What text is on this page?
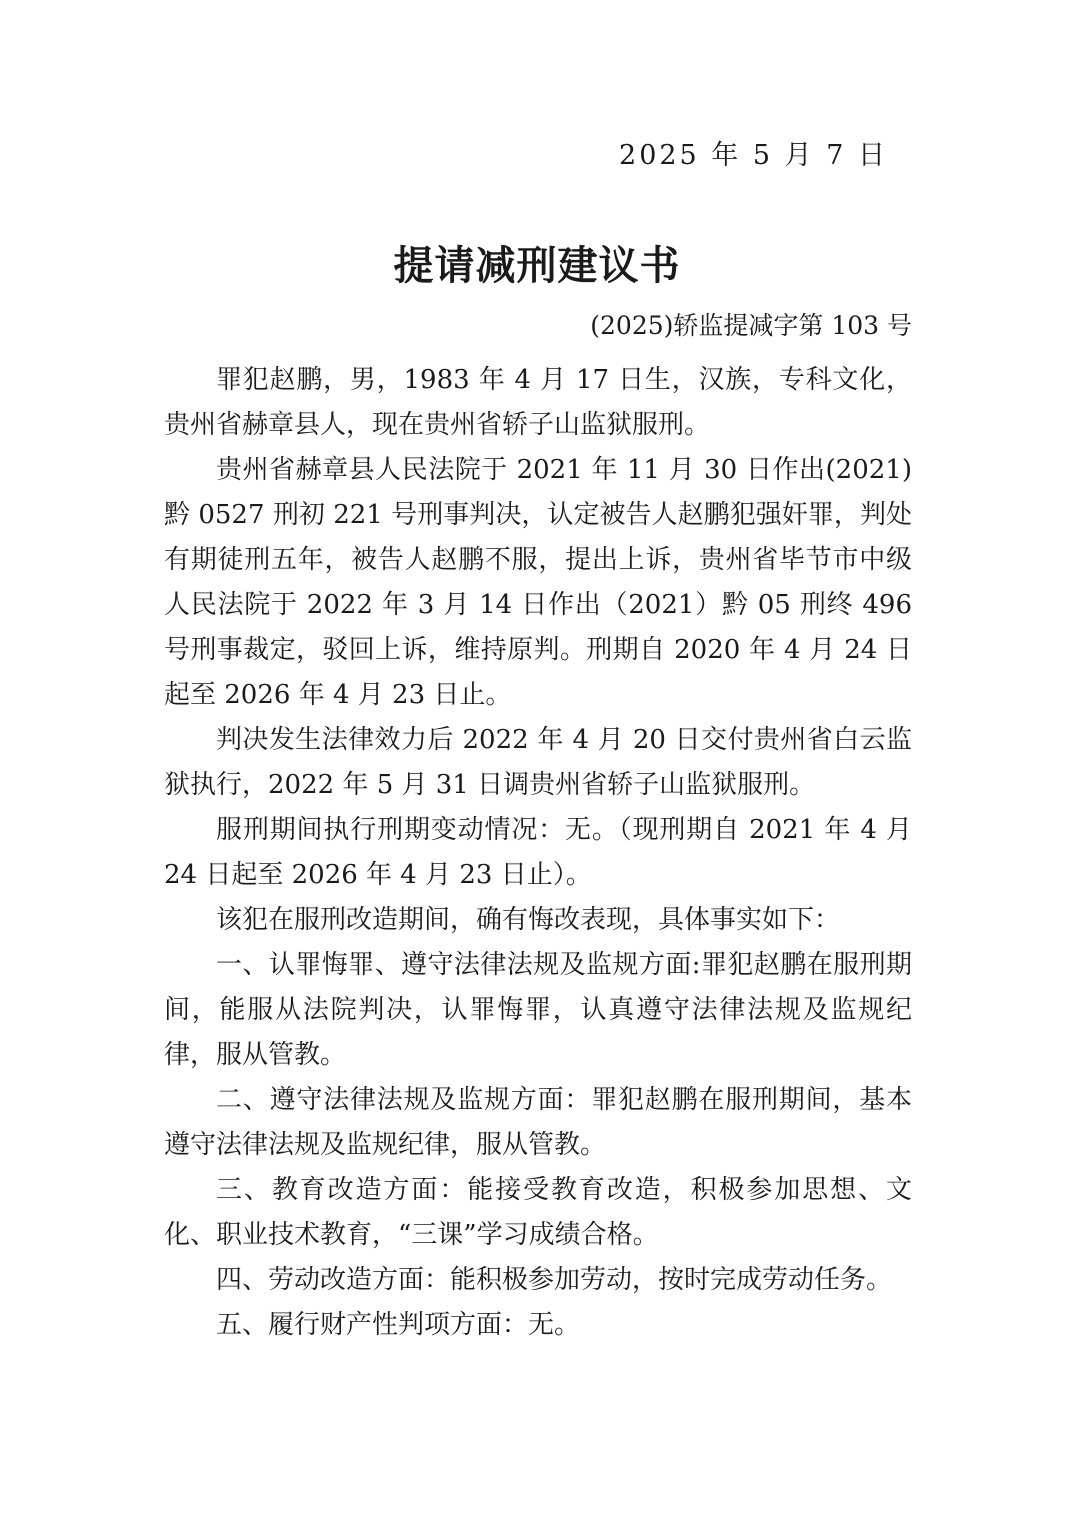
2025 年 5 月 7 日
提请减刑建议书
(2025)轿监提减字第 103 号

罪犯赵鹏，男，1983 年 4 月 17 日生，汉族，专科文化，贵州省赫章县人，现在贵州省轿子山监狱服刑。

贵州省赫章县人民法院于 2021 年 11 月 30 日作出(2021)黔 0527 刑初 221 号刑事判决，认定被告人赵鹏犯强奸罪，判处有期徒刑五年，被告人赵鹏不服，提出上诉，贵州省毕节市中级人民法院于 2022 年 3 月 14 日作出（2021）黔 05 刑终 496 号刑事裁定，驳回上诉，维持原判。刑期自 2020 年 4 月 24 日起至 2026 年 4 月 23 日止。

判决发生法律效力后 2022 年 4 月 20 日交付贵州省白云监狱执行，2022 年 5 月 31 日调贵州省轿子山监狱服刑。

服刑期间执行刑期变动情况：无。（现刑期自 2021 年 4 月 24 日起至 2026 年 4 月 23 日止）。

该犯在服刑改造期间，确有悔改表现，具体事实如下：

一、认罪悔罪、遵守法律法规及监规方面:罪犯赵鹏在服刑期间，能服从法院判决，认罪悔罪，认真遵守法律法规及监规纪律，服从管教。

二、遵守法律法规及监规方面：罪犯赵鹏在服刑期间，基本遵守法律法规及监规纪律，服从管教。

三、教育改造方面：能接受教育改造，积极参加思想、文化、职业技术教育，“三课”学习成绩合格。

四、劳动改造方面：能积极参加劳动，按时完成劳动任务。

五、履行财产性判项方面：无。
